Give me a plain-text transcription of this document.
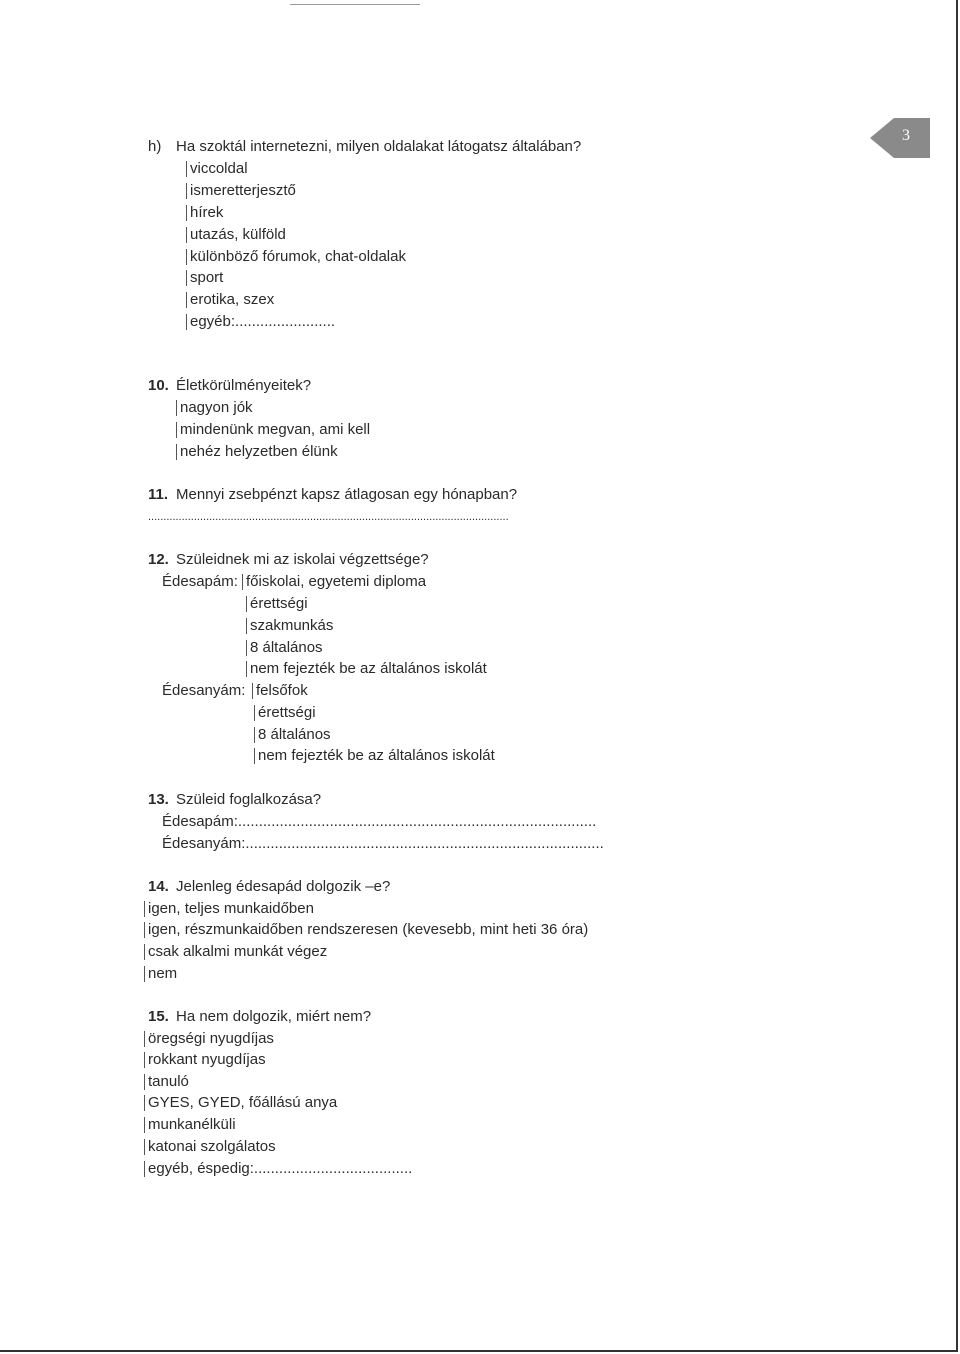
3
h) Ha szoktál internetezni, milyen oldalakat látogatsz általában?
viccoldal
ismeretterjesztő
hírek
utazás, külföld
különböző fórumok, chat-oldalak
sport
erotika, szex
egyéb:........................
10. Életkörülményeitek?
nagyon jók
mindenünk megvan, ami kell
nehéz helyzetben élünk
11. Mennyi zsebpénzt kapsz átlagosan egy hónapban?
......................................................................................................................
12. Szüleidnek mi az iskolai végzettsége?
Édesapám: főiskolai, egyetemi diploma
érettségi
szakmunkás
8 általános
nem fejezték be az általános iskolát
Édesanyám: felsőfok
érettségi
8 általános
nem fejezték be az általános iskolát
13. Szüleid foglalkozása?
Édesapám:......................................................................................
Édesanyám:......................................................................................
14. Jelenleg édesapád dolgozik –e?
igen, teljes munkaidőben
igen, részmunkaidőben rendszeresen (kevesebb, mint heti 36 óra)
csak alkalmi munkát végez
nem
15. Ha nem dolgozik, miért nem?
öregségi nyugdíjas
rokkant nyugdíjas
tanuló
GYES, GYED, főállású anya
munkanélküli
katonai szolgálatos
egyéb, éspedig:......................................
